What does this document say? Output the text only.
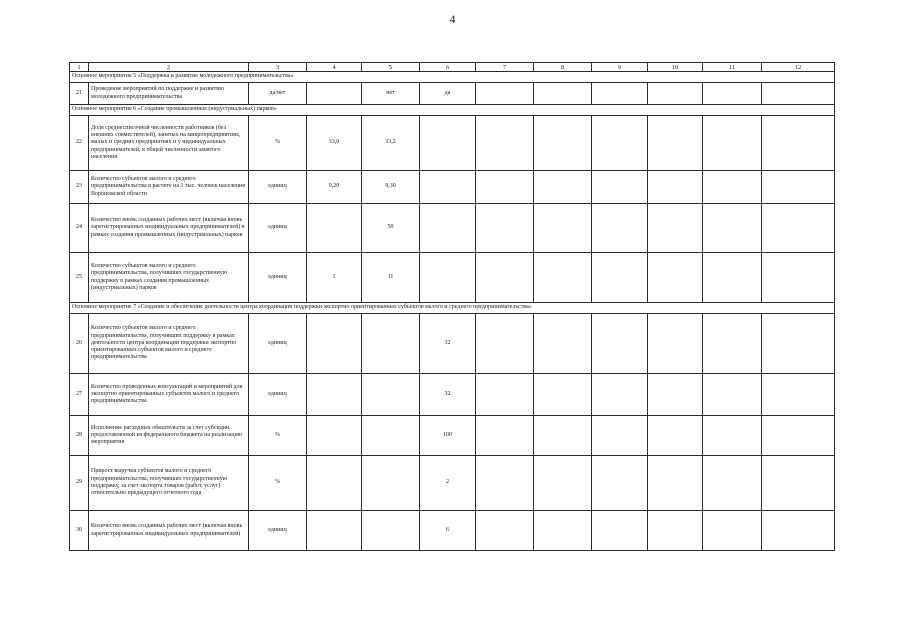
4
1	2	3	4	5	6	7	8	9	10	11	12
Основное мероприятие 5 «Поддержка и развитие молодежного предпринимательства»											
21	Проведение мероприятий по поддержке и развитию молодежного предпринимательства	да/нет		нет	да						
Основное мероприятие 6 «Создание промышленных (индустриальных) парков»											
22	Доля среднесписочной численности работников (без внешних совместителей), занятых на микропредприятиях, малых и средних предприятиях и у индивидуальных предпринимателей, в общей численности занятого населения	%	33,0	33,2							
23	Количество субъектов малого и среднего предпринимательства в расчете на 1 тыс. человек населения Воронежской области	единиц	9,20	9,30							
24	Количество вновь созданных рабочих мест (включая вновь зарегистрированных индивидуальных предпринимателей) в рамках создания промышленных (индустриальных) парков	единиц		50							
25	Количество субъектов малого и среднего предпринимательства, получивших государственную поддержку в рамках создания промышленных (индустриальных) парков	единиц	1	11							
Основное мероприятие 7 «Создание и обеспечение деятельности центра координации поддержки экспортно ориентированных субъектов малого и среднего предпринимательства»											
26	Количество субъектов малого и среднего предпринимательства, получивших поддержку в рамках деятельности центра координации поддержки экспортно ориентированных субъектов малого и среднего предпринимательства	единиц			32						
27	Количество проведенных консультаций и мероприятий для экспортно ориентированных субъектов малого и среднего предпринимательства	единиц			32						
28	Исполнение расходных обязательств за счет субсидии, предоставленной из федерального бюджета на реализацию мероприятия	%			100						
29	Прирост выручки субъектов малого и среднего предпринимательства, получивших государственную поддержку, за счет экспорта товаров (работ, услуг) относительно предыдущего отчетного года	%			2						
30	Количество вновь созданных рабочих мест (включая вновь зарегистрированных индивидуальных предпринимателей)	единиц			6						
